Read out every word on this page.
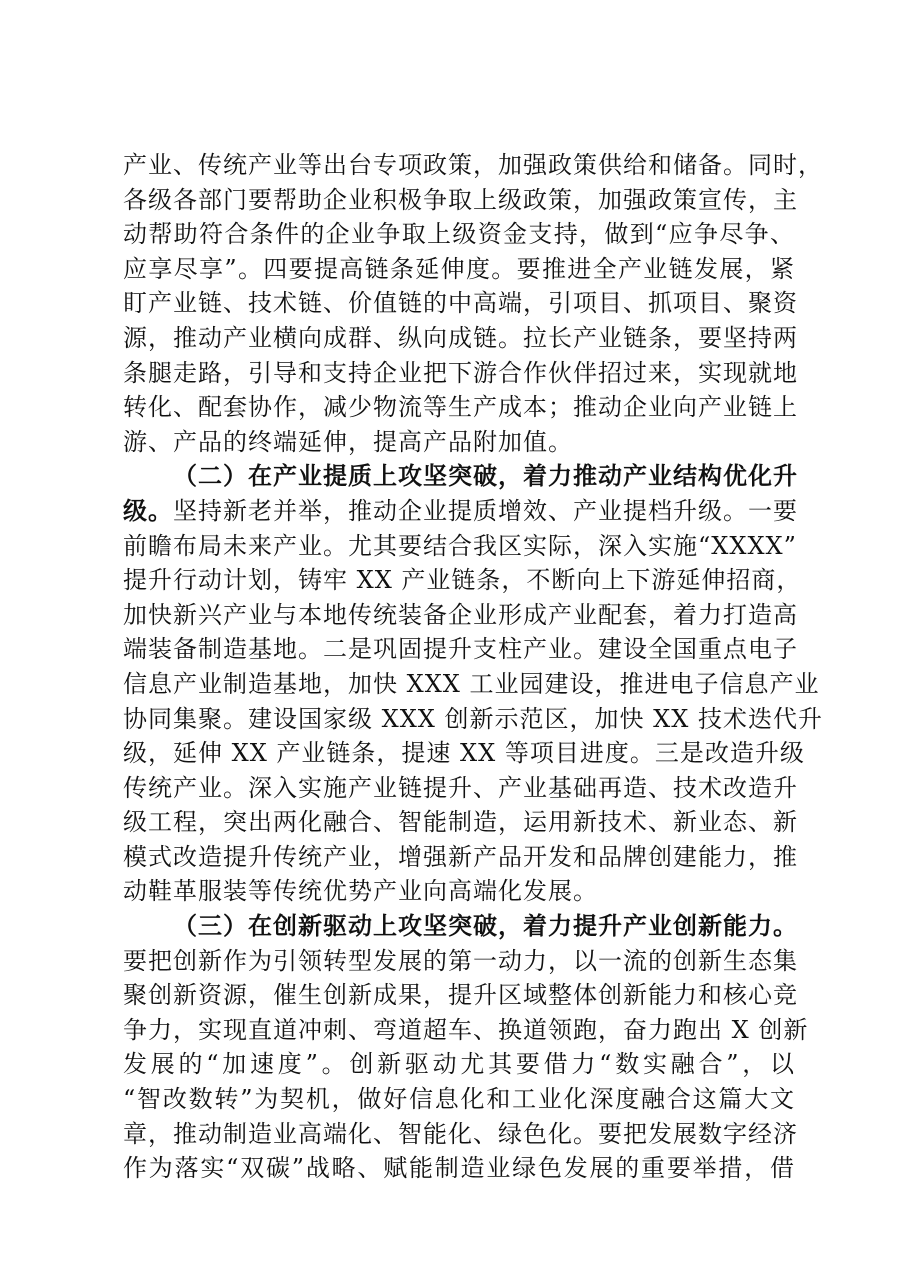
产业、传统产业等出台专项政策，加强政策供给和储备。同时，
各级各部门要帮助企业积极争取上级政策，加强政策宣传，主
动帮助符合条件的企业争取上级资金支持，做到“应争尽争、
应享尽享”。四要提高链条延伸度。要推进全产业链发展，紧
盯产业链、技术链、价值链的中高端，引项目、抓项目、聚资
源，推动产业横向成群、纵向成链。拉长产业链条，要坚持两
条腿走路，引导和支持企业把下游合作伙伴招过来，实现就地
转化、配套协作，减少物流等生产成本；推动企业向产业链上
游、产品的终端延伸，提高产品附加值。
（二）在产业提质上攻坚突破，着力推动产业结构优化升
级。坚持新老并举，推动企业提质增效、产业提档升级。一要
前瞻布局未来产业。尤其要结合我区实际，深入实施“XXXX”
提升行动计划，铸牢 XX 产业链条，不断向上下游延伸招商，
加快新兴产业与本地传统装备企业形成产业配套，着力打造高
端装备制造基地。二是巩固提升支柱产业。建设全国重点电子
信息产业制造基地，加快 XXX 工业园建设，推进电子信息产业
协同集聚。建设国家级 XXX 创新示范区，加快 XX 技术迭代升
级，延伸 XX 产业链条，提速 XX 等项目进度。三是改造升级
传统产业。深入实施产业链提升、产业基础再造、技术改造升
级工程，突出两化融合、智能制造，运用新技术、新业态、新
模式改造提升传统产业，增强新产品开发和品牌创建能力，推
动鞋革服装等传统优势产业向高端化发展。
（三）在创新驱动上攻坚突破，着力提升产业创新能力。
要把创新作为引领转型发展的第一动力，以一流的创新生态集
聚创新资源，催生创新成果，提升区域整体创新能力和核心竞
争力，实现直道冲刺、弯道超车、换道领跑，奋力跑出 X 创新
发展的“加速度”。创新驱动尤其要借力“数实融合”，以
“智改数转”为契机，做好信息化和工业化深度融合这篇大文
章，推动制造业高端化、智能化、绿色化。要把发展数字经济
作为落实“双碳”战略、赋能制造业绿色发展的重要举措，借
